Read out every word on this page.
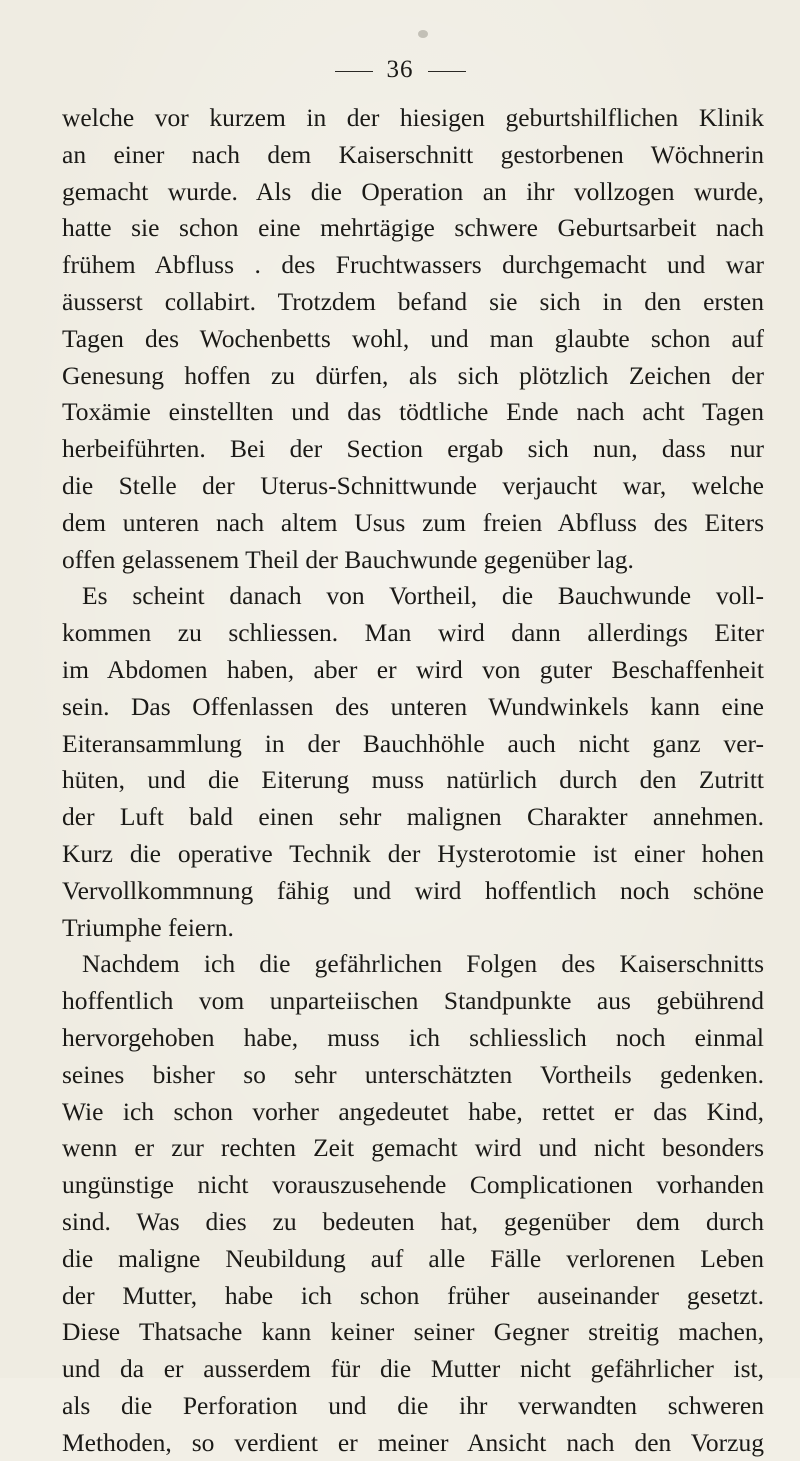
36
welche vor kurzem in der hiesigen geburtshilflichen Klinik
an einer nach dem Kaiserschnitt gestorbenen Wöchnerin
gemacht wurde. Als die Operation an ihr vollzogen wurde,
hatte sie schon eine mehrtägige schwere Geburtsarbeit nach
frühem Abfluss . des Fruchtwassers durchgemacht und war
äusserst collabirt. Trotzdem befand sie sich in den ersten
Tagen des Wochenbetts wohl, und man glaubte schon auf
Genesung hoffen zu dürfen, als sich plötzlich Zeichen der
Toxämie einstellten und das tödtliche Ende nach acht Tagen
herbeiführten. Bei der Section ergab sich nun, dass nur
die Stelle der Uterus-Schnittwunde verjaucht war, welche
dem unteren nach altem Usus zum freien Abfluss des Eiters
offen gelassenem Theil der Bauchwunde gegenüber lag.
Es scheint danach von Vortheil, die Bauchwunde voll-
kommen zu schliessen. Man wird dann allerdings Eiter
im Abdomen haben, aber er wird von guter Beschaffenheit
sein. Das Offenlassen des unteren Wundwinkels kann eine
Eiteransammlung in der Bauchhöhle auch nicht ganz ver-
hüten, und die Eiterung muss natürlich durch den Zutritt
der Luft bald einen sehr malignen Charakter annehmen.
Kurz die operative Technik der Hysterotomie ist einer hohen
Vervollkommnung fähig und wird hoffentlich noch schöne
Triumphe feiern.
Nachdem ich die gefährlichen Folgen des Kaiserschnitts
hoffentlich vom unparteiischen Standpunkte aus gebührend
hervorgehoben habe, muss ich schliesslich noch einmal
seines bisher so sehr unterschätzten Vortheils gedenken.
Wie ich schon vorher angedeutet habe, rettet er das Kind,
wenn er zur rechten Zeit gemacht wird und nicht besonders
ungünstige nicht vorauszusehende Complicationen vorhanden
sind. Was dies zu bedeuten hat, gegenüber dem durch
die maligne Neubildung auf alle Fälle verlorenen Leben
der Mutter, habe ich schon früher auseinander gesetzt.
Diese Thatsache kann keiner seiner Gegner streitig machen,
und da er ausserdem für die Mutter nicht gefährlicher ist,
als die Perforation und die ihr verwandten schweren
Methoden, so verdient er meiner Ansicht nach den Vorzug
